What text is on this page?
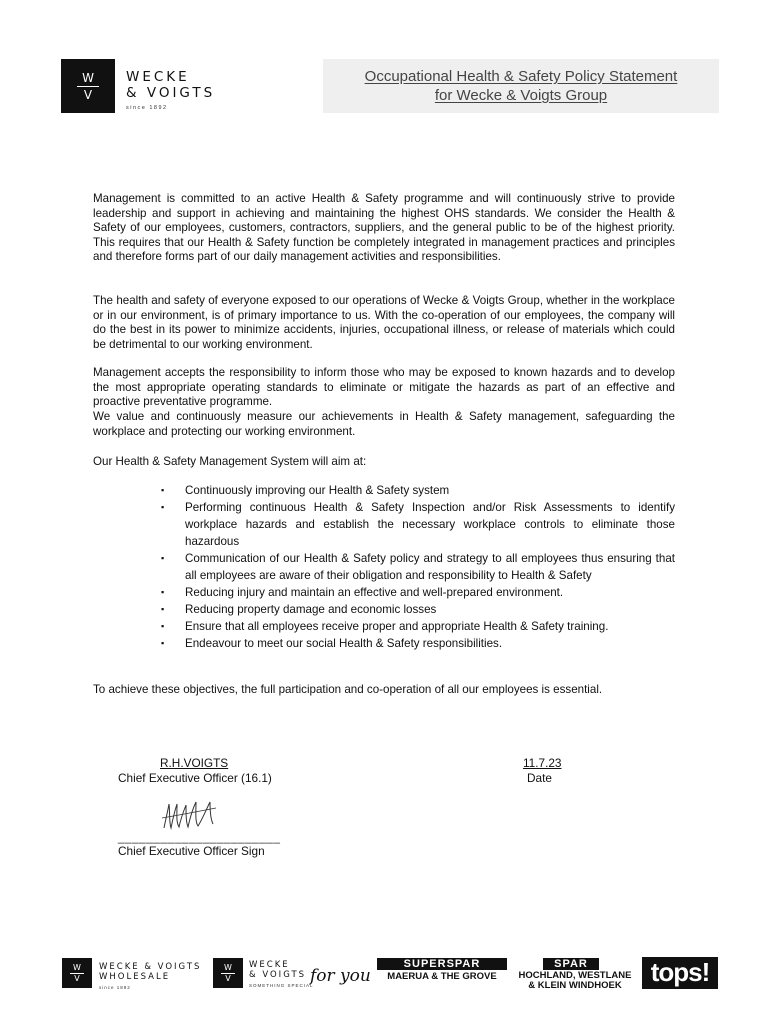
W
V
WECKE
& VOIGTS
since 1892
Occupational Health & Safety Policy Statement
for Wecke & Voigts Group
Management is committed to an active Health & Safety programme and will continuously strive to provide leadership and support in achieving and maintaining the highest OHS standards. We consider the Health & Safety of our employees, customers, contractors, suppliers, and the general public to be of the highest priority. This requires that our Health & Safety function be completely integrated in management practices and principles and therefore forms part of our daily management activities and responsibilities.
The health and safety of everyone exposed to our operations of Wecke & Voigts Group, whether in the workplace or in our environment, is of primary importance to us. With the co-operation of our employees, the company will do the best in its power to minimize accidents, injuries, occupational illness, or release of materials which could be detrimental to our working environment.
Management accepts the responsibility to inform those who may be exposed to known hazards and to develop the most appropriate operating standards to eliminate or mitigate the hazards as part of an effective and proactive preventative programme.
We value and continuously measure our achievements in Health & Safety management, safeguarding the workplace and protecting our working environment.
Our Health & Safety Management System will aim at:
▪ Continuously improving our Health & Safety system
▪ Performing continuous Health & Safety Inspection and/or Risk Assessments to identify workplace hazards and establish the necessary workplace controls to eliminate those hazardous
▪ Communication of our Health & Safety policy and strategy to all employees thus ensuring that all employees are aware of their obligation and responsibility to Health & Safety
▪ Reducing injury and maintain an effective and well-prepared environment.
▪ Reducing property damage and economic losses
▪ Ensure that all employees receive proper and appropriate Health & Safety training.
▪ Endeavour to meet our social Health & Safety responsibilities.
To achieve these objectives, the full participation and co-operation of all our employees is essential.
R.H.VOIGTS
Chief Executive Officer (16.1)
11.7.23
Date
_______________________
Chief Executive Officer Sign
W
V
WECKE & VOIGTS
WHOLESALE
since 1892
W
V
WECKE
& VOIGTS
SOMETHING SPECIAL
for you
SUPERSPAR
MAERUA & THE GROVE
SPAR
HOCHLAND, WESTLANE
& KLEIN WINDHOEK	tops!
